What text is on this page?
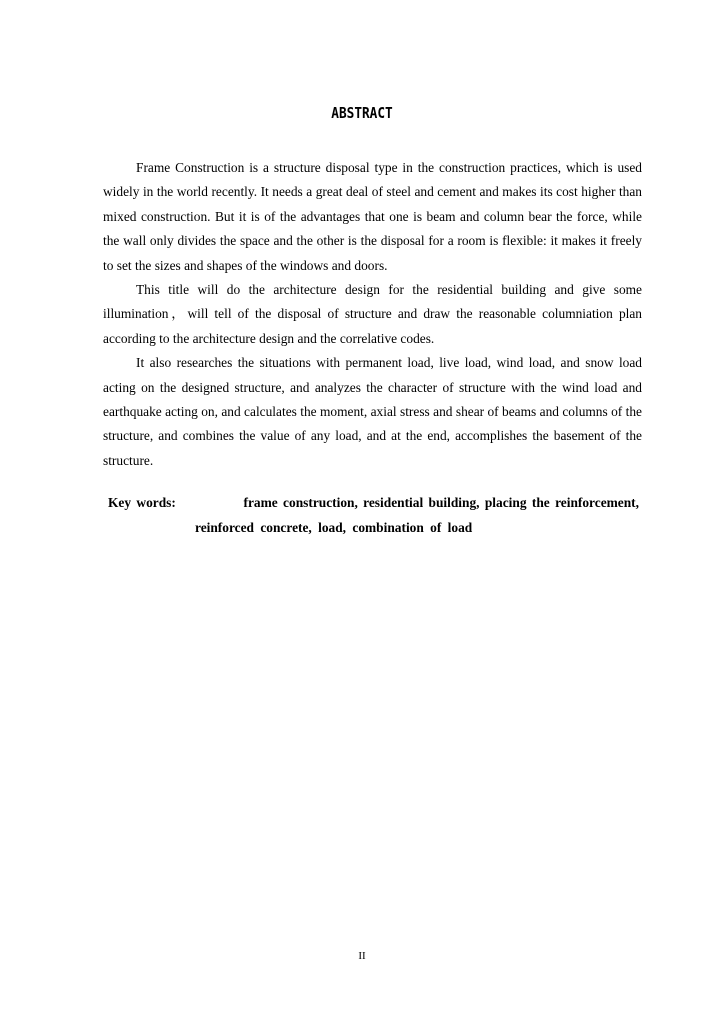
ABSTRACT

Frame Construction is a structure disposal type in the construction practices, which is used widely in the world recently. It needs a great deal of steel and cement and makes its cost higher than mixed construction. But it is of the advantages that one is beam and column bear the force, while the wall only divides the space and the other is the disposal for a room is flexible: it makes it freely to set the sizes and shapes of the windows and doors.

This title will do the architecture design for the residential building and give some illumination，will tell of the disposal of structure and draw the reasonable columniation plan according to the architecture design and the correlative codes.

It also researches the situations with permanent load, live load, wind load, and snow load acting on the designed structure, and analyzes the character of structure with the wind load and earthquake acting on, and calculates the moment, axial stress and shear of beams and columns of the structure, and combines the value of any load, and at the end, accomplishes the basement of the structure.

Key words:	frame construction, residential building, placing the reinforcement,
reinforced concrete, load, combination of load
II
